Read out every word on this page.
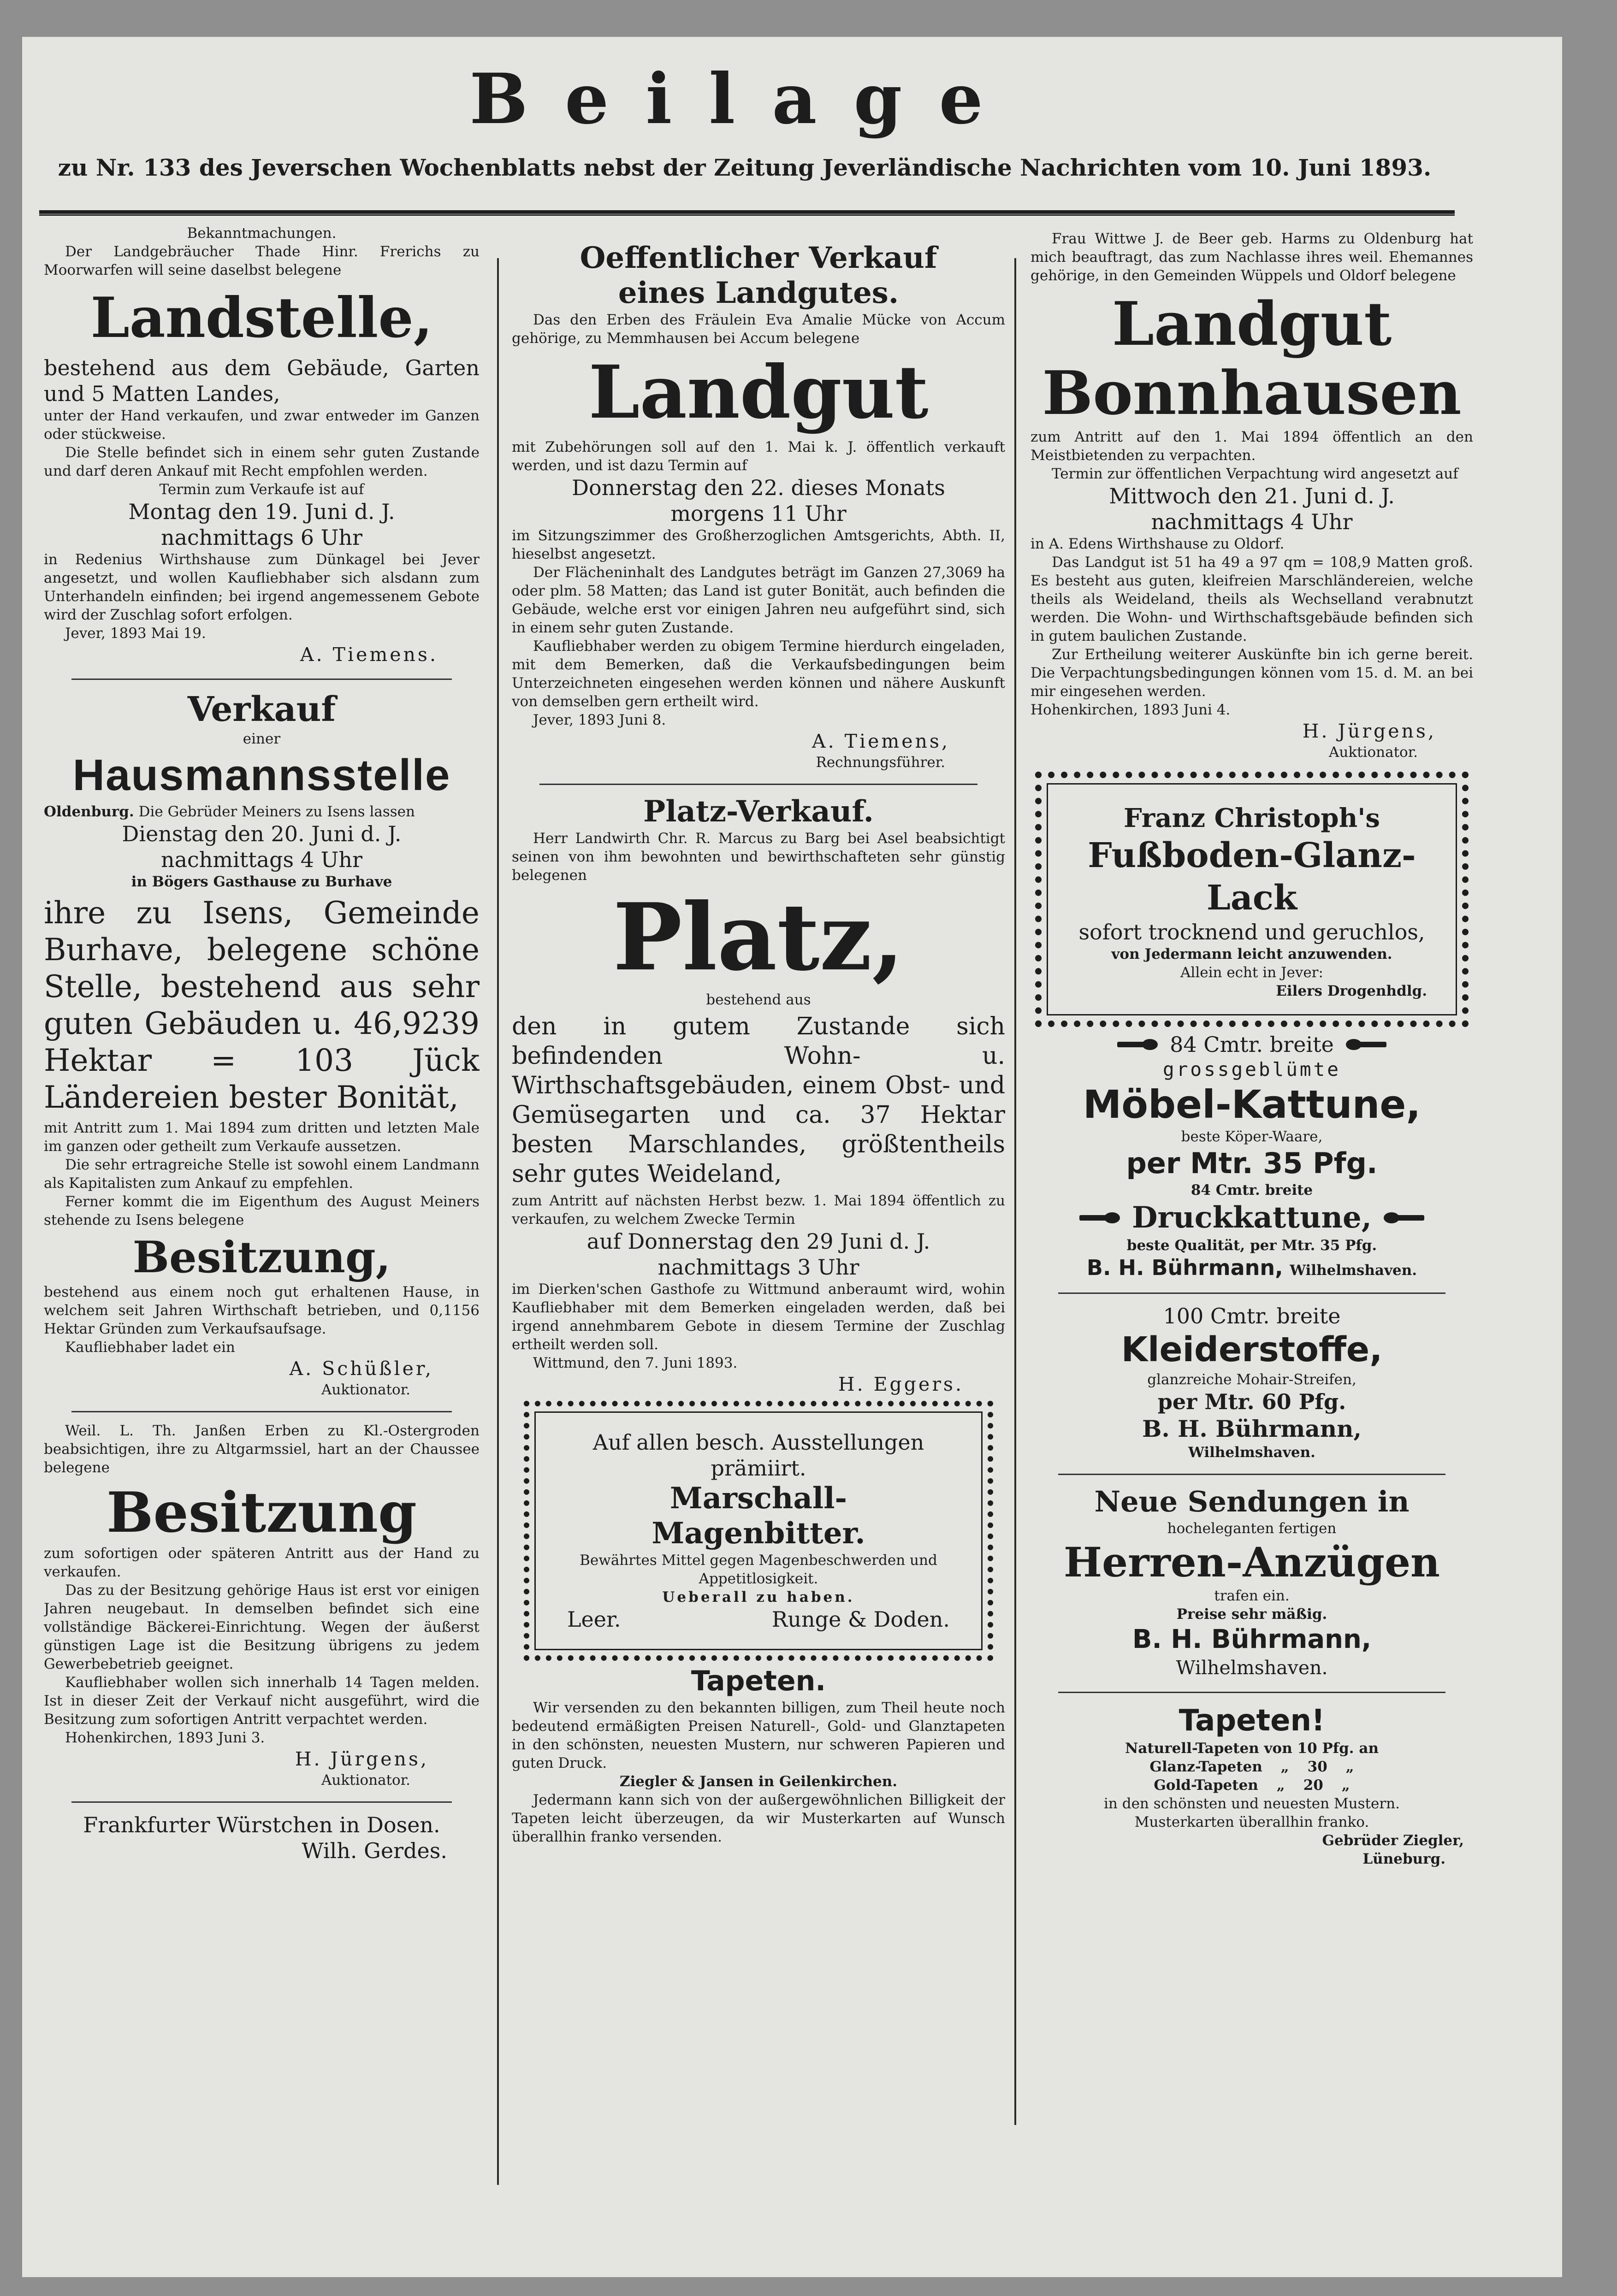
Beilage
zu Nr. 133 des Jeverschen Wochenblatts nebst der Zeitung Jeverländische Nachrichten vom 10. Juni 1893.

Bekanntmachungen.

Der Landgebräucher Thade Hinr. Frerichs zu Moorwarfen will seine daselbst belegene

Landstelle,

bestehend aus dem Gebäude, Garten und 5 Matten Landes,

unter der Hand verkaufen, und zwar entweder im Ganzen oder stückweise.

Die Stelle befindet sich in einem sehr guten Zustande und darf deren Ankauf mit Recht empfohlen werden.

Termin zum Verkaufe ist auf

Montag den 19. Juni d. J.

nachmittags 6 Uhr

in Redenius Wirthshause zum Dünkagel bei Jever angesetzt, und wollen Kaufliebhaber sich alsdann zum Unterhandeln einfinden; bei irgend angemessenem Gebote wird der Zuschlag sofort erfolgen.

Jever, 1893 Mai 19.

A. Tiemens.

Verkauf

einer

Hausmannsstelle

Oldenburg. Die Gebrüder Meiners zu Isens lassen

Dienstag den 20. Juni d. J.

nachmittags 4 Uhr

in Bögers Gasthause zu Burhave

ihre zu Isens, Gemeinde Burhave, belegene schöne Stelle, bestehend aus sehr guten Gebäuden u. 46,9239 Hektar = 103 Jück Ländereien bester Bonität,

mit Antritt zum 1. Mai 1894 zum dritten und letzten Male im ganzen oder getheilt zum Verkaufe aussetzen.

Die sehr ertragreiche Stelle ist sowohl einem Landmann als Kapitalisten zum Ankauf zu empfehlen.

Ferner kommt die im Eigenthum des August Meiners stehende zu Isens belegene

Besitzung,

bestehend aus einem noch gut erhaltenen Hause, in welchem seit Jahren Wirthschaft betrieben, und 0,1156 Hektar Gründen zum Verkaufsaufsage.

Kaufliebhaber ladet ein

A. Schüßler,

Auktionator.

Weil. L. Th. Janßen Erben zu Kl.-Ostergroden beabsichtigen, ihre zu Altgarmssiel, hart an der Chaussee belegene

Besitzung

zum sofortigen oder späteren Antritt aus der Hand zu verkaufen.

Das zu der Besitzung gehörige Haus ist erst vor einigen Jahren neugebaut. In demselben befindet sich eine vollständige Bäckerei-Einrichtung. Wegen der äußerst günstigen Lage ist die Besitzung übrigens zu jedem Gewerbebetrieb geeignet.

Kaufliebhaber wollen sich innerhalb 14 Tagen melden. Ist in dieser Zeit der Verkauf nicht ausgeführt, wird die Besitzung zum sofortigen Antritt verpachtet werden.

Hohenkirchen, 1893 Juni 3.

H. Jürgens,

Auktionator.

Frankfurter Würstchen in Dosen.

Wilh. Gerdes.

Oeffentlicher Verkauf

eines Landgutes.

Das den Erben des Fräulein Eva Amalie Mücke von Accum gehörige, zu Memmhausen bei Accum belegene

Landgut

mit Zubehörungen soll auf den 1. Mai k. J. öffentlich verkauft werden, und ist dazu Termin auf

Donnerstag den 22. dieses Monats

morgens 11 Uhr

im Sitzungszimmer des Großherzoglichen Amtsgerichts, Abth. II, hieselbst angesetzt.

Der Flächeninhalt des Landgutes beträgt im Ganzen 27,3069 ha oder plm. 58 Matten; das Land ist guter Bonität, auch befinden die Gebäude, welche erst vor einigen Jahren neu aufgeführt sind, sich in einem sehr guten Zustande.

Kaufliebhaber werden zu obigem Termine hierdurch eingeladen, mit dem Bemerken, daß die Verkaufsbedingungen beim Unterzeichneten eingesehen werden können und nähere Auskunft von demselben gern ertheilt wird.

Jever, 1893 Juni 8.

A. Tiemens,

Rechnungsführer.

Platz-Verkauf.

Herr Landwirth Chr. R. Marcus zu Barg bei Asel beabsichtigt seinen von ihm bewohnten und bewirthschafteten sehr günstig belegenen

Platz,

bestehend aus

den in gutem Zustande sich befindenden Wohn- u. Wirthschaftsgebäuden, einem Obst- und Gemüsegarten und ca. 37 Hektar besten Marschlandes, größtentheils sehr gutes Weideland,

zum Antritt auf nächsten Herbst bezw. 1. Mai 1894 öffentlich zu verkaufen, zu welchem Zwecke Termin

auf Donnerstag den 29 Juni d. J.

nachmittags 3 Uhr

im Dierken'schen Gasthofe zu Wittmund anberaumt wird, wohin Kaufliebhaber mit dem Bemerken eingeladen werden, daß bei irgend annehmbarem Gebote in diesem Termine der Zuschlag ertheilt werden soll.

Wittmund, den 7. Juni 1893.

H. Eggers.

Auf allen besch. Ausstellungen prämiirt.

Marschall-

Magenbitter.

Bewährtes Mittel gegen Magenbeschwerden und Appetitlosigkeit.

Ueberall zu haben.

Leer.	Runge & Doden.

Tapeten.

Wir versenden zu den bekannten billigen, zum Theil heute noch bedeutend ermäßigten Preisen Naturell-, Gold- und Glanztapeten in den schönsten, neuesten Mustern, nur schweren Papieren und guten Druck.

Ziegler & Jansen in Geilenkirchen.

Jedermann kann sich von der außergewöhnlichen Billigkeit der Tapeten leicht überzeugen, da wir Musterkarten auf Wunsch überallhin franko versenden.

Frau Wittwe J. de Beer geb. Harms zu Oldenburg hat mich beauftragt, das zum Nachlasse ihres weil. Ehemannes gehörige, in den Gemeinden Wüppels und Oldorf belegene

Landgut

Bonnhausen

zum Antritt auf den 1. Mai 1894 öffentlich an den Meistbietenden zu verpachten.

Termin zur öffentlichen Verpachtung wird angesetzt auf

Mittwoch den 21. Juni d. J.

nachmittags 4 Uhr

in A. Edens Wirthshause zu Oldorf.

Das Landgut ist 51 ha 49 a 97 qm = 108,9 Matten groß. Es besteht aus guten, kleifreien Marschländereien, welche theils als Weideland, theils als Wechselland verabnutzt werden. Die Wohn- und Wirthschaftsgebäude befinden sich in gutem baulichen Zustande.

Zur Ertheilung weiterer Auskünfte bin ich gerne bereit. Die Verpachtungsbedingungen können vom 15. d. M. an bei mir eingesehen werden.

Hohenkirchen, 1893 Juni 4.

H. Jürgens,

Auktionator.

Franz Christoph's

Fußboden-Glanz-Lack

sofort trocknend und geruchlos,

von Jedermann leicht anzuwenden.

Allein echt in Jever:

Eilers Drogenhdlg.

84 Cmtr. breite

grossgeblümte

Möbel-Kattune,

beste Köper-Waare,

per Mtr. 35 Pfg.

84 Cmtr. breite

Druckkattune,

beste Qualität, per Mtr. 35 Pfg.

B. H. Bührmann, Wilhelmshaven.

100 Cmtr. breite

Kleiderstoffe,

glanzreiche Mohair-Streifen,

per Mtr. 60 Pfg.

B. H. Bührmann,

Wilhelmshaven.

Neue Sendungen in

hocheleganten fertigen

Herren-Anzügen

trafen ein.

Preise sehr mäßig.

B. H. Bührmann,

Wilhelmshaven.

Tapeten!

Naturell-Tapeten von 10 Pfg. an

Glanz-Tapeten „ 30 „
Gold-Tapeten „ 20 „

in den schönsten und neuesten Mustern.

Musterkarten überallhin franko.

Gebrüder Ziegler,

Lüneburg.
